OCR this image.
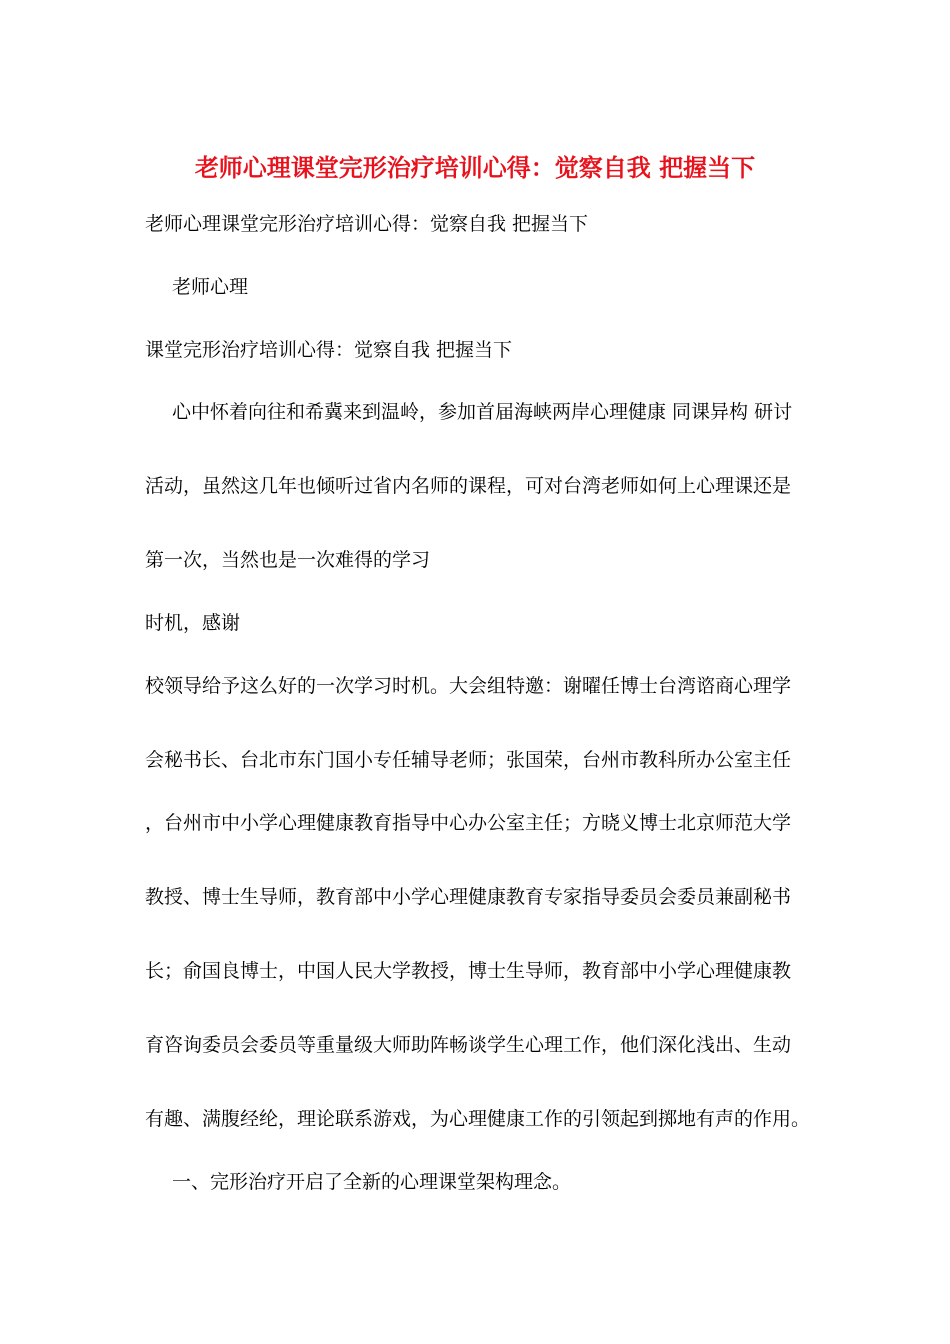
老师心理课堂完形治疗培训心得：觉察自我 把握当下
老师心理课堂完形治疗培训心得：觉察自我 把握当下
老师心理
课堂完形治疗培训心得：觉察自我 把握当下
心中怀着向往和希冀来到温岭，参加首届海峡两岸心理健康 同课异构 研讨
活动，虽然这几年也倾听过省内名师的课程，可对台湾老师如何上心理课还是
第一次，当然也是一次难得的学习
时机，感谢
校领导给予这么好的一次学习时机。大会组特邀：谢曜任博士台湾谘商心理学
会秘书长、台北市东门国小专任辅导老师；张国荣，台州市教科所办公室主任
，台州市中小学心理健康教育指导中心办公室主任；方晓义博士北京师范大学
教授、博士生导师，教育部中小学心理健康教育专家指导委员会委员兼副秘书
长；俞国良博士，中国人民大学教授，博士生导师，教育部中小学心理健康教
育咨询委员会委员等重量级大师助阵畅谈学生心理工作，他们深化浅出、生动
有趣、满腹经纶，理论联系游戏，为心理健康工作的引领起到掷地有声的作用。
一、完形治疗开启了全新的心理课堂架构理念。
